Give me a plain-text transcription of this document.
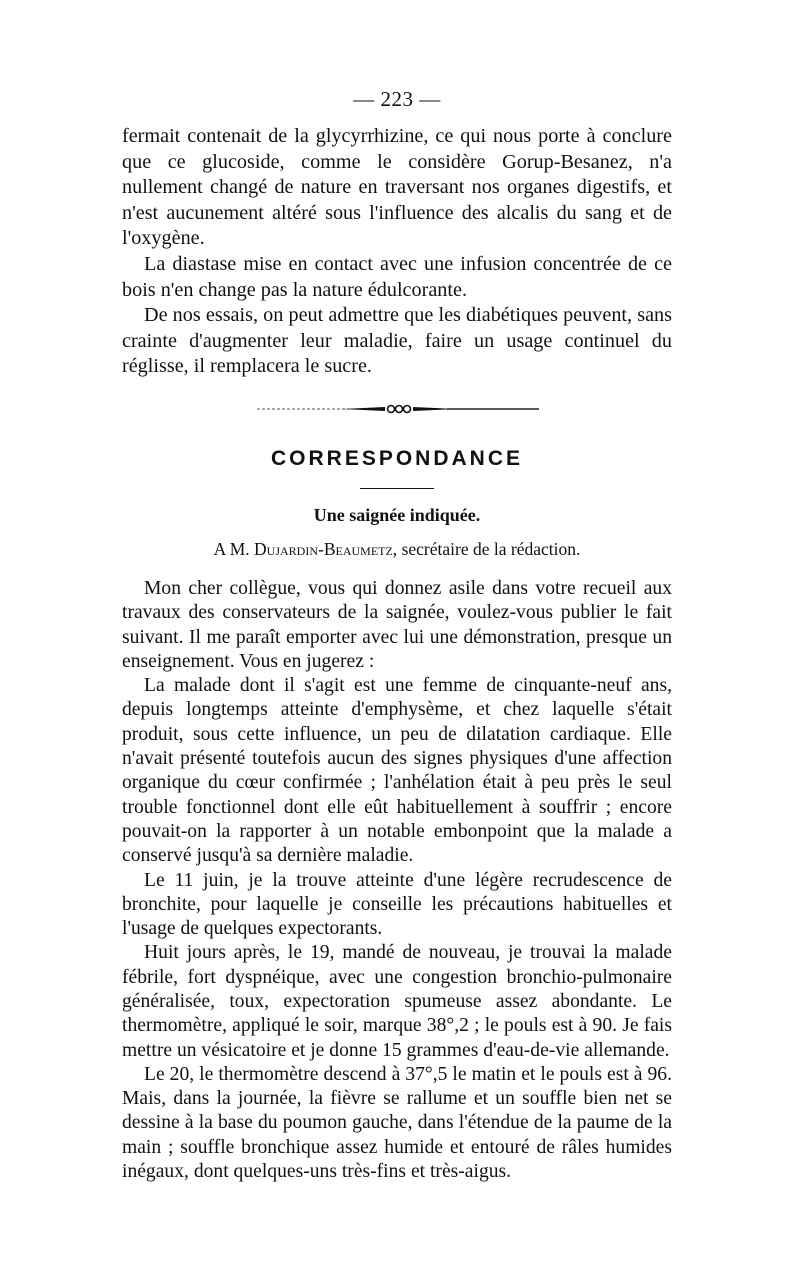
— 223 —

fermait contenait de la glycyrrhizine, ce qui nous porte à conclure que ce glucoside, comme le considère Gorup-Besanez, n'a nullement changé de nature en traversant nos organes digestifs, et n'est aucunement altéré sous l'influence des alcalis du sang et de l'oxygène.

La diastase mise en contact avec une infusion concentrée de ce bois n'en change pas la nature édulcorante.

De nos essais, on peut admettre que les diabétiques peuvent, sans crainte d'augmenter leur maladie, faire un usage continuel du réglisse, il remplacera le sucre.

CORRESPONDANCE
Une saignée indiquée.
A M. Dujardin-Beaumetz, secrétaire de la rédaction.

Mon cher collègue, vous qui donnez asile dans votre recueil aux travaux des conservateurs de la saignée, voulez-vous publier le fait suivant. Il me paraît emporter avec lui une démonstration, presque un enseignement. Vous en jugerez :

La malade dont il s'agit est une femme de cinquante-neuf ans, depuis longtemps atteinte d'emphysème, et chez laquelle s'était produit, sous cette influence, un peu de dilatation cardiaque. Elle n'avait présenté toutefois aucun des signes physiques d'une affection organique du cœur confirmée ; l'anhélation était à peu près le seul trouble fonctionnel dont elle eût habituellement à souffrir ; encore pouvait-on la rapporter à un notable embonpoint que la malade a conservé jusqu'à sa dernière maladie.

Le 11 juin, je la trouve atteinte d'une légère recrudescence de bronchite, pour laquelle je conseille les précautions habituelles et l'usage de quelques expectorants.

Huit jours après, le 19, mandé de nouveau, je trouvai la malade fébrile, fort dyspnéique, avec une congestion bronchio-pulmonaire généralisée, toux, expectoration spumeuse assez abondante. Le thermomètre, appliqué le soir, marque 38°,2 ; le pouls est à 90. Je fais mettre un vésicatoire et je donne 15 grammes d'eau-de-vie allemande.

Le 20, le thermomètre descend à 37°,5 le matin et le pouls est à 96. Mais, dans la journée, la fièvre se rallume et un souffle bien net se dessine à la base du poumon gauche, dans l'étendue de la paume de la main ; souffle bronchique assez humide et entouré de râles humides inégaux, dont quelques-uns très-fins et très-aigus.
